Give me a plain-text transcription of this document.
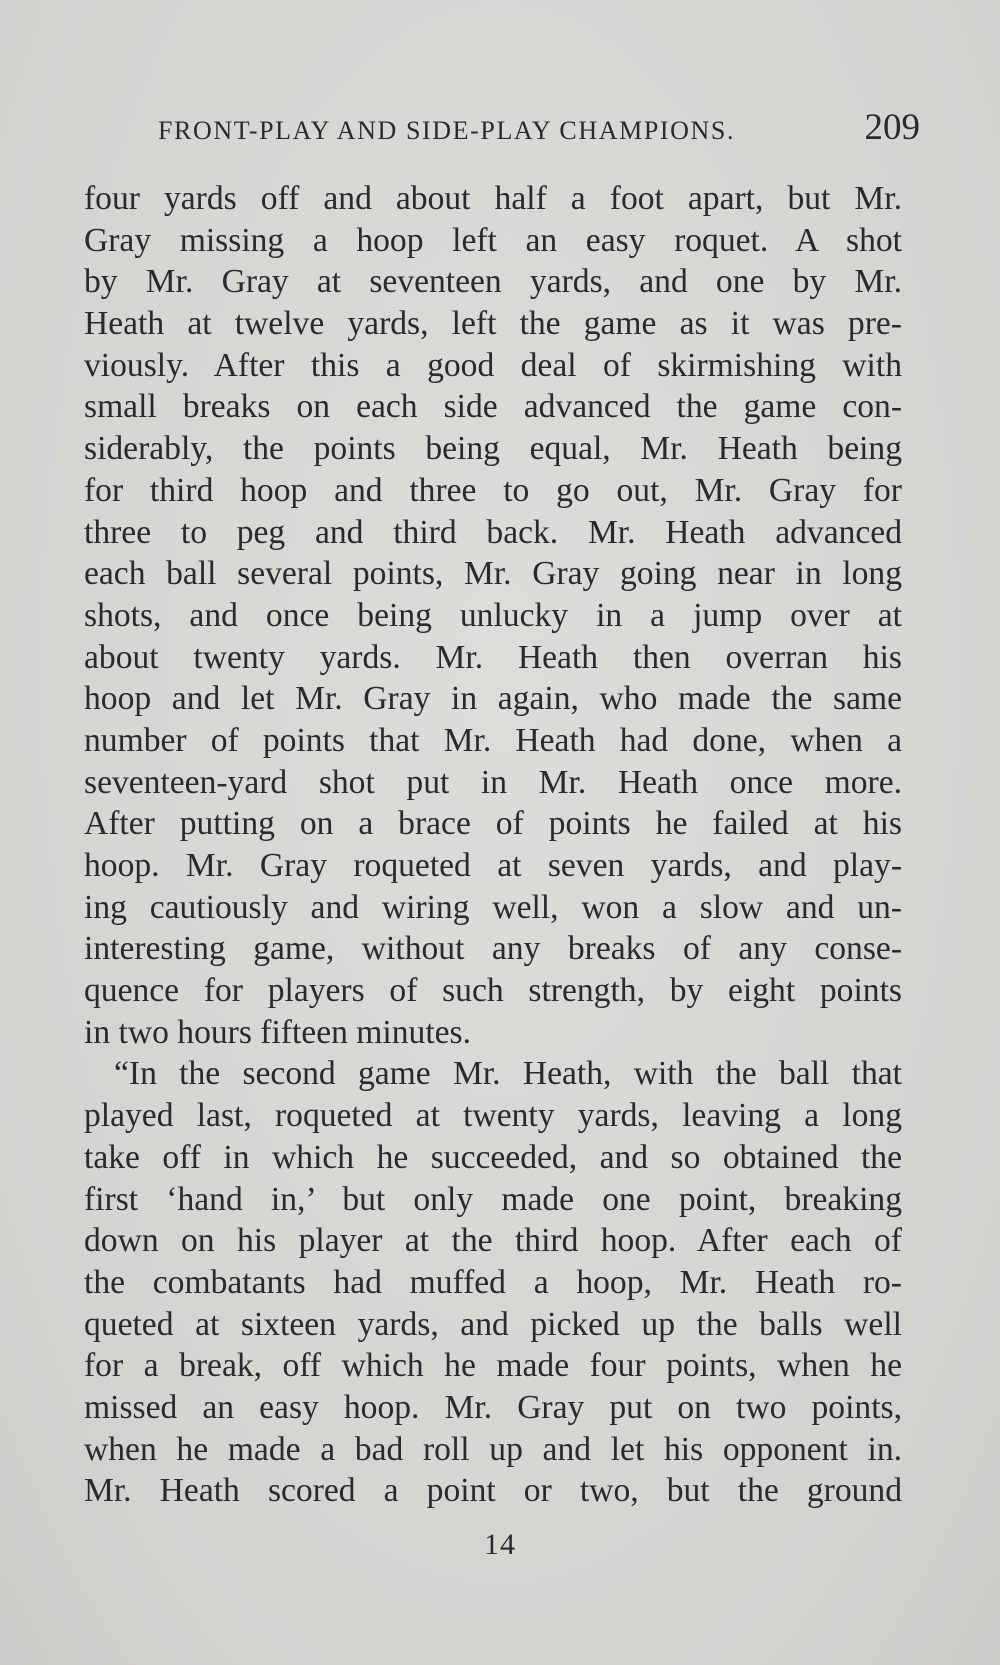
FRONT-PLAY AND SIDE-PLAY CHAMPIONS.	209
four yards off and about half a foot apart, but Mr.
Gray missing a hoop left an easy roquet. A shot
by Mr. Gray at seventeen yards, and one by Mr.
Heath at twelve yards, left the game as it was pre-
viously. After this a good deal of skirmishing with
small breaks on each side advanced the game con-
siderably, the points being equal, Mr. Heath being
for third hoop and three to go out, Mr. Gray for
three to peg and third back. Mr. Heath advanced
each ball several points, Mr. Gray going near in long
shots, and once being unlucky in a jump over at
about twenty yards. Mr. Heath then overran his
hoop and let Mr. Gray in again, who made the same
number of points that Mr. Heath had done, when a
seventeen-yard shot put in Mr. Heath once more.
After putting on a brace of points he failed at his
hoop. Mr. Gray roqueted at seven yards, and play-
ing cautiously and wiring well, won a slow and un-
interesting game, without any breaks of any conse-
quence for players of such strength, by eight points
in two hours fifteen minutes.
“In the second game Mr. Heath, with the ball that
played last, roqueted at twenty yards, leaving a long
take off in which he succeeded, and so obtained the
first ‘hand in,’ but only made one point, breaking
down on his player at the third hoop. After each of
the combatants had muffed a hoop, Mr. Heath ro-
queted at sixteen yards, and picked up the balls well
for a break, off which he made four points, when he
missed an easy hoop. Mr. Gray put on two points,
when he made a bad roll up and let his opponent in.
Mr. Heath scored a point or two, but the ground
14
